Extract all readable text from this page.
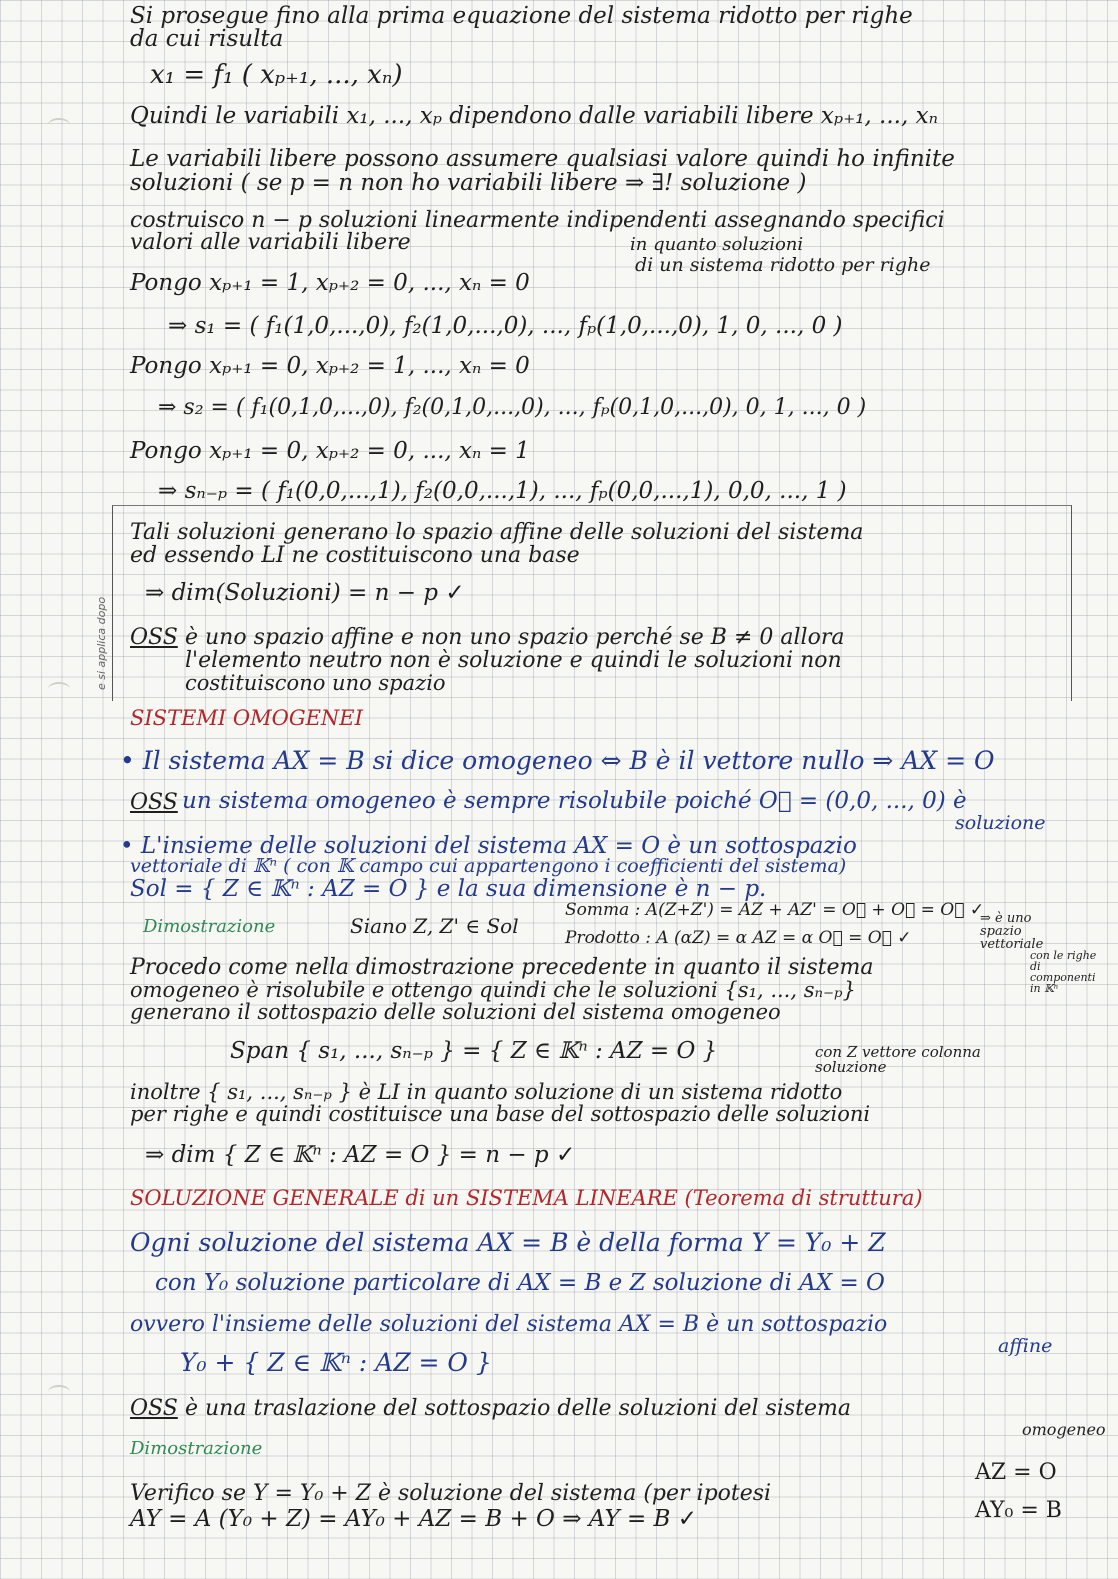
e si applica dopo
Si prosegue fino alla prima equazione del sistema ridotto per righe
da cui risulta
x₁ = f₁ ( xₚ₊₁, ..., xₙ)
Quindi le variabili x₁, ..., xₚ dipendono dalle variabili libere xₚ₊₁, ..., xₙ
Le variabili libere possono assumere qualsiasi valore quindi ho infinite
soluzioni ( se p = n non ho variabili libere ⇒ ∃! soluzione )
costruisco n − p soluzioni linearmente indipendenti assegnando specifici
valori alle variabili libere	in quanto soluzioni
di un sistema ridotto per righe
Pongo xₚ₊₁ = 1, xₚ₊₂ = 0, ..., xₙ = 0
⇒ s₁ = ( f₁(1,0,...,0), f₂(1,0,...,0), ..., fₚ(1,0,...,0), 1, 0, ..., 0 )
Pongo xₚ₊₁ = 0, xₚ₊₂ = 1, ..., xₙ = 0
⇒ s₂ = ( f₁(0,1,0,...,0), f₂(0,1,0,...,0), ..., fₚ(0,1,0,...,0), 0, 1, ..., 0 )
Pongo xₚ₊₁ = 0, xₚ₊₂ = 0, ..., xₙ = 1
⇒ sₙ₋ₚ = ( f₁(0,0,...,1), f₂(0,0,...,1), ..., fₚ(0,0,...,1), 0,0, ..., 1 )
Tali soluzioni generano lo spazio affine delle soluzioni del sistema
ed essendo LI ne costituiscono una base
⇒ dim(Soluzioni) = n − p ✓
OSS è uno spazio affine e non uno spazio perché se B ≠ 0 allora
l'elemento neutro non è soluzione e quindi le soluzioni non
costituiscono uno spazio
SISTEMI OMOGENEI
• Il sistema AX = B si dice omogeneo ⇔ B è il vettore nullo ⇒ AX = O
OSS un sistema omogeneo è sempre risolubile poiché O⃗ = (0,0, ..., 0) è
soluzione
• L'insieme delle soluzioni del sistema AX = O è un sottospazio
vettoriale di 𝕂ⁿ ( con 𝕂 campo cui appartengono i coefficienti del sistema)
Sol = { Z ∈ 𝕂ⁿ : AZ = O } e la sua dimensione è n − p.
Dimostrazione	Siano Z, Z' ∈ Sol
Somma : A(Z+Z') = AZ + AZ' = O⃗ + O⃗ = O⃗ ✓
Prodotto : A (αZ) = α AZ = α O⃗ = O⃗ ✓
⇒ è uno spazio vettoriale
Procedo come nella dimostrazione precedente in quanto il sistema
omogeneo è risolubile e ottengo quindi che le soluzioni {s₁, ..., sₙ₋ₚ}
generano il sottospazio delle soluzioni del sistema omogeneo
con le righe di componenti in 𝕂ⁿ
Span { s₁, ..., sₙ₋ₚ } = { Z ∈ 𝕂ⁿ : AZ = O }	con Z vettore colonna soluzione
inoltre { s₁, ..., sₙ₋ₚ } è LI in quanto soluzione di un sistema ridotto
per righe e quindi costituisce una base del sottospazio delle soluzioni
⇒ dim { Z ∈ 𝕂ⁿ : AZ = O } = n − p ✓
SOLUZIONE GENERALE di un SISTEMA LINEARE (Teorema di struttura)
Ogni soluzione del sistema AX = B è della forma Y = Y₀ + Z
con Y₀ soluzione particolare di AX = B e Z soluzione di AX = O
ovvero l'insieme delle soluzioni del sistema AX = B è un sottospazio
affine
Y₀ + { Z ∈ 𝕂ⁿ : AZ = O }
OSS è una traslazione del sottospazio delle soluzioni del sistema
omogeneo
Dimostrazione
Verifico se Y = Y₀ + Z è soluzione del sistema (per ipotesi
AZ = O
AY₀ = B
AY = A (Y₀ + Z) = AY₀ + AZ = B + O ⇒ AY = B ✓
